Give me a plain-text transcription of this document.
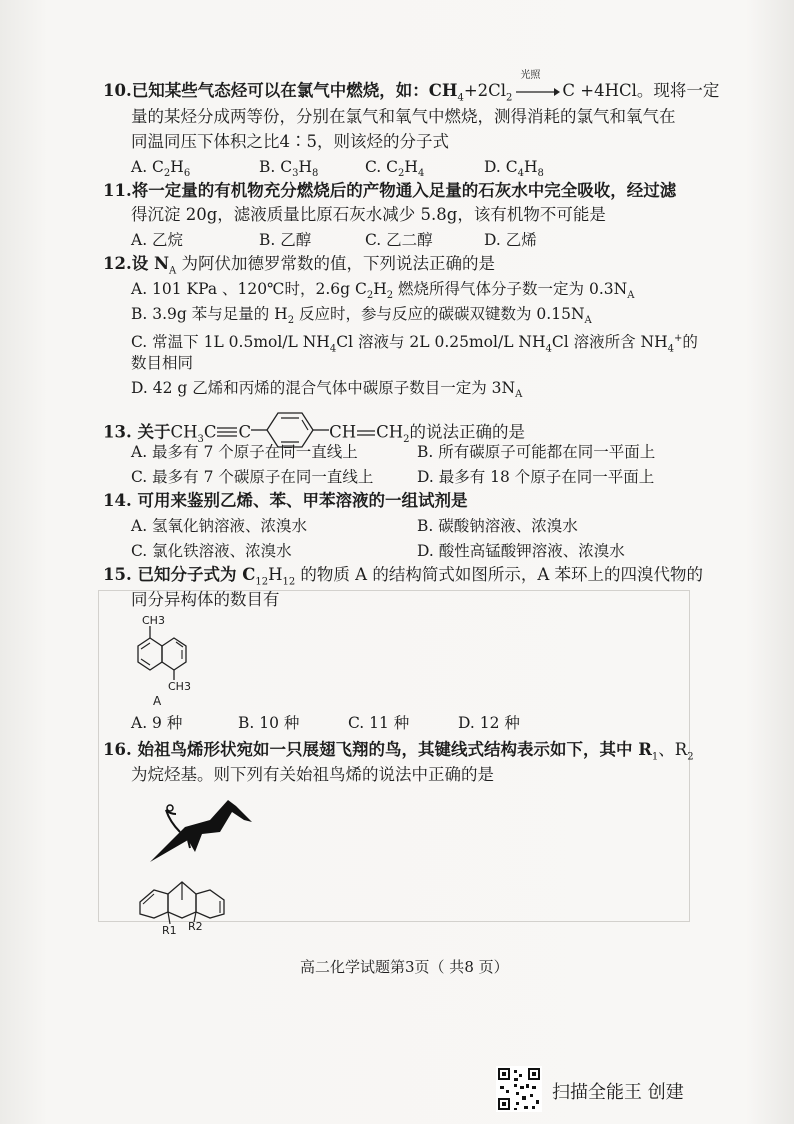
10.已知某些气态烃可以在氯气中燃烧，如：$CH_4+2Cl_2$
光照
C +4HCl。现将一定
量的某烃分成两等份，分别在氯气和氧气中燃烧，测得消耗的氯气和氧气在
同温同压下体积之比4∶5，则该烃的分子式
A. $C_2H_6$	B. $C_3H_8$	C. $C_2H_4$	D. $C_4H_8$
11.将一定量的有机物充分燃烧后的产物通入足量的石灰水中完全吸收，经过滤
得沉淀 20g，滤液质量比原石灰水减少 5.8g，该有机物不可能是
A. 乙烷	B. 乙醇	C. 乙二醇	D. 乙烯
12.设 $N_A$ 为阿伏加德罗常数的值，下列说法正确的是
A. 101 KPa 、120℃时，2.6g $C_2H_2$ 燃烧所得气体分子数一定为 $0.3N_A$
B. 3.9g 苯与足量的 $H_2$ 反应时，参与反应的碳碳双键数为 $0.15N_A$
C. 常温下 1L 0.5mol/L $NH_4Cl$ 溶液与 2L 0.25mol/L $NH_4Cl$ 溶液所含 $NH_4^+$的
数目相同
D. 42 g 乙烯和丙烯的混合气体中碳原子数目一定为 $3N_A$
13. 关于$CH_3C$ C	CH $CH_2$的说法正确的是
A. 最多有 7 个原子在同一直线上	B. 所有碳原子可能都在同一平面上
C. 最多有 7 个碳原子在同一直线上	D. 最多有 18 个原子在同一平面上
14. 可用来鉴别乙烯、苯、甲苯溶液的一组试剂是
A. 氢氧化钠溶液、浓溴水	B. 碳酸钠溶液、浓溴水
C. 氯化铁溶液、浓溴水	D. 酸性高锰酸钾溶液、浓溴水
15. 已知分子式为 $C_{12}H_{12}$ 的物质 A 的结构简式如图所示，A 苯环上的四溴代物的
同分异构体的数目有
CH3
CH3
A
A. 9 种	B. 10 种	C. 11 种	D. 12 种
16. 始祖鸟烯形状宛如一只展翅飞翔的鸟，其键线式结构表示如下，其中 $R_1$、$R_2$
为烷烃基。则下列有关始祖鸟烯的说法中正确的是
R1 R2
高二化学试题第3页（ 共8 页）
扫描全能王 创建
